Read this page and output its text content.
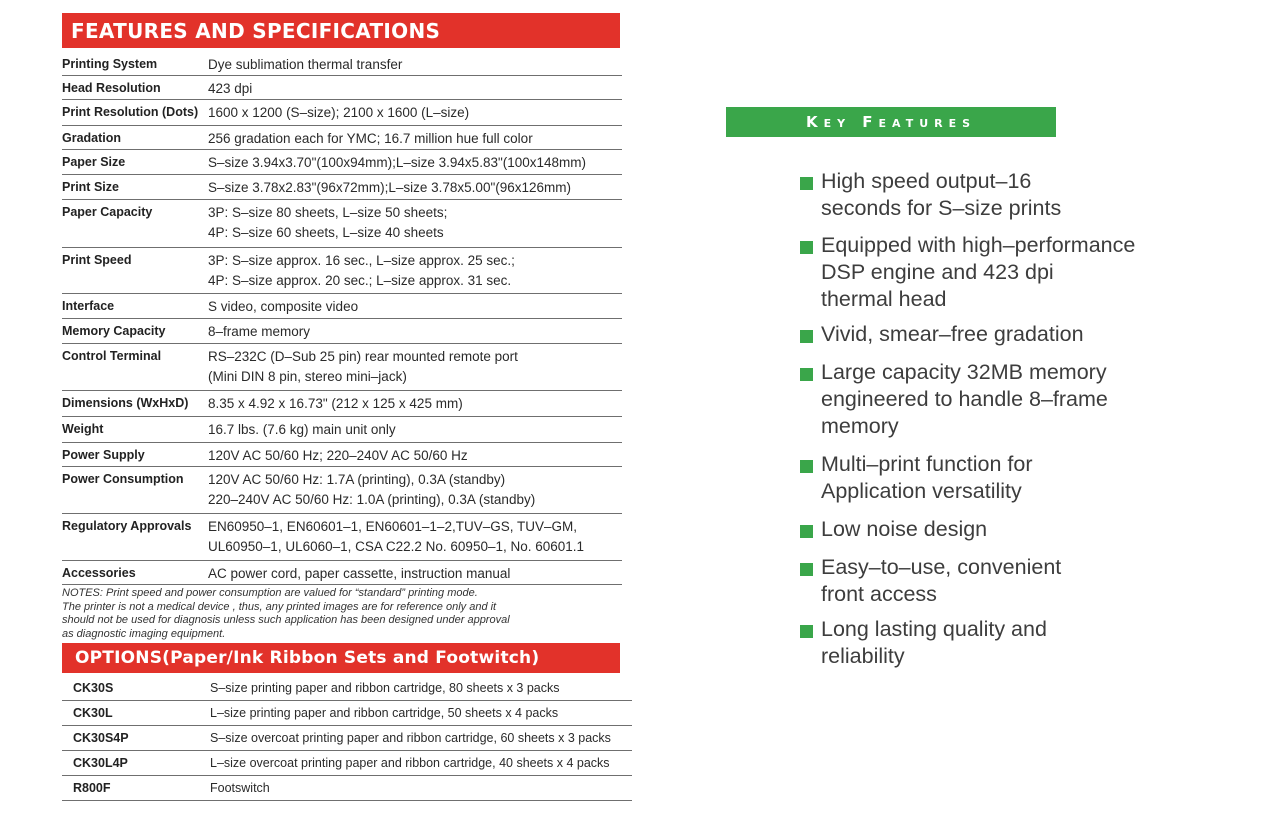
FEATURES AND SPECIFICATIONS
Printing System	Dye sublimation thermal transfer
Head Resolution	423 dpi
Print Resolution (Dots) 1600 x 1200 (S–size); 2100 x 1600 (L–size)
Gradation	256 gradation each for YMC; 16.7 million hue full color
Paper Size	S–size 3.94x3.70"(100x94mm);L–size 3.94x5.83"(100x148mm)
Print Size	S–size 3.78x2.83"(96x72mm);L–size 3.78x5.00"(96x126mm)
Paper Capacity	3P: S–size 80 sheets, L–size 50 sheets;
4P: S–size 60 sheets, L–size 40 sheets
Print Speed	3P: S–size approx. 16 sec., L–size approx. 25 sec.;
4P: S–size approx. 20 sec.; L–size approx. 31 sec.
Interface	S video, composite video
Memory Capacity	8–frame memory
Control Terminal	RS–232C (D–Sub 25 pin) rear mounted remote port
(Mini DIN 8 pin, stereo mini–jack)
Dimensions (WxHxD)	8.35 x 4.92 x 16.73" (212 x 125 x 425 mm)
Weight	16.7 lbs. (7.6 kg) main unit only
Power Supply	120V AC 50/60 Hz; 220–240V AC 50/60 Hz
Power Consumption	120V AC 50/60 Hz: 1.7A (printing), 0.3A (standby)
220–240V AC 50/60 Hz: 1.0A (printing), 0.3A (standby)
Regulatory Approvals	EN60950–1, EN60601–1, EN60601–1–2,TUV–GS, TUV–GM,
UL60950–1, UL6060–1, CSA C22.2 No. 60950–1, No. 60601.1
Accessories	AC power cord, paper cassette, instruction manual
NOTES: Print speed and power consumption are valued for “standard” printing mode.
The printer is not a medical device , thus, any printed images are for reference only and it
should not be used for diagnosis unless such application has been designed under approval
as diagnostic imaging equipment.
OPTIONS(Paper/Ink Ribbon Sets and Footwitch)
CK30S	S–size printing paper and ribbon cartridge, 80 sheets x 3 packs
CK30L	L–size printing paper and ribbon cartridge, 50 sheets x 4 packs
CK30S4P	S–size overcoat printing paper and ribbon cartridge, 60 sheets x 3 packs
CK30L4P	L–size overcoat printing paper and ribbon cartridge, 40 sheets x 4 packs
R800F	Footswitch
Key Features
High speed output–16
seconds for S–size prints
Equipped with high–performance
DSP engine and 423 dpi
thermal head
Vivid, smear–free gradation
Large capacity 32MB memory
engineered to handle 8–frame
memory
Multi–print function for
Application versatility
Low noise design
Easy–to–use, convenient
front access
Long lasting quality and
reliability
